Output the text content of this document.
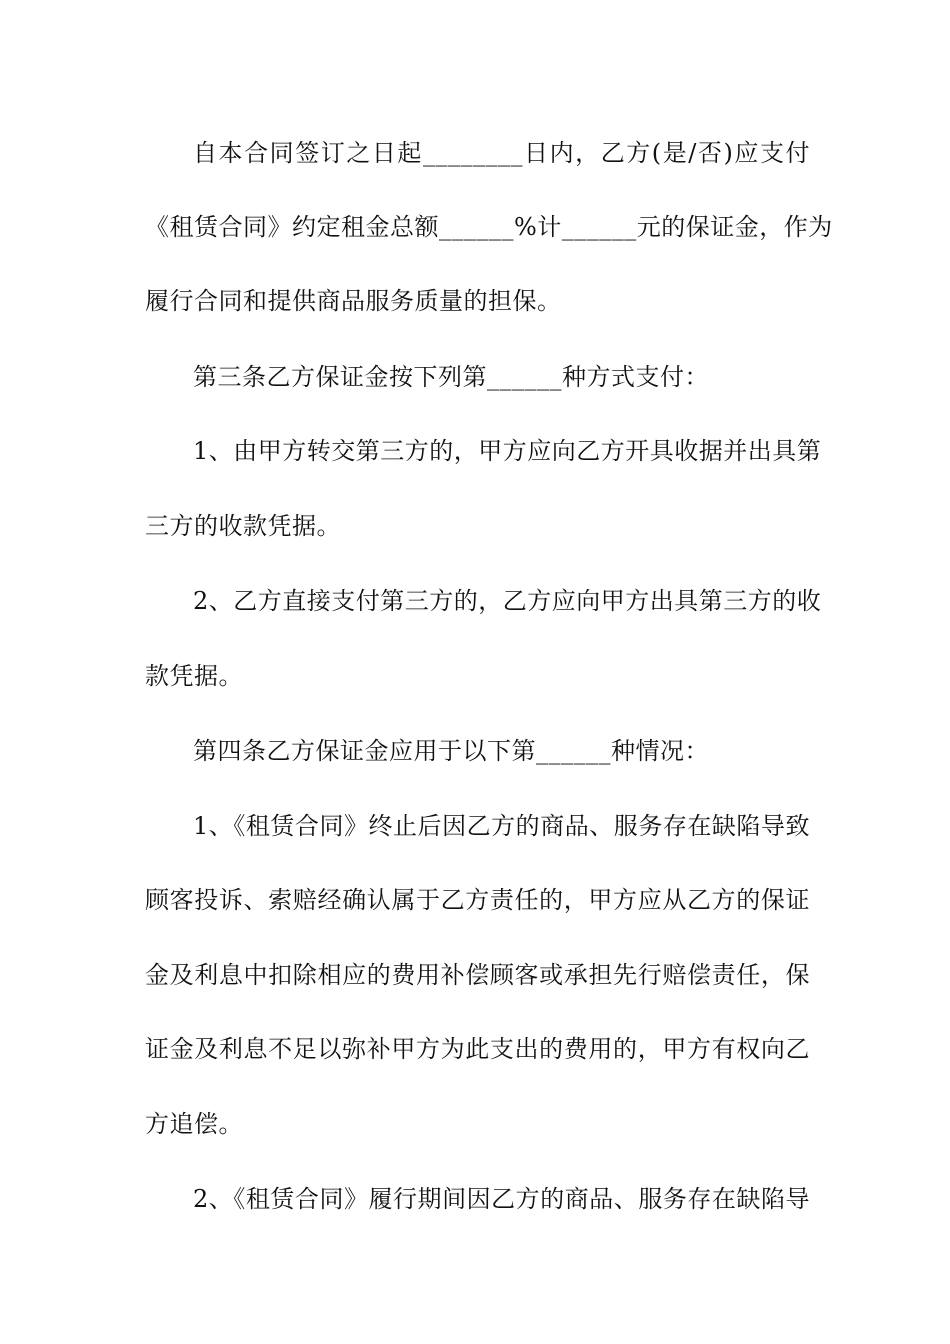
自本合同签订之日起________日内，乙方(是/否)应支付
《租赁合同》约定租金总额______%计______元的保证金，作为
履行合同和提供商品服务质量的担保。
第三条乙方保证金按下列第______种方式支付：
1、由甲方转交第三方的，甲方应向乙方开具收据并出具第
三方的收款凭据。
2、乙方直接支付第三方的，乙方应向甲方出具第三方的收
款凭据。
第四条乙方保证金应用于以下第______种情况：
1、《租赁合同》终止后因乙方的商品、服务存在缺陷导致
顾客投诉、索赔经确认属于乙方责任的，甲方应从乙方的保证
金及利息中扣除相应的费用补偿顾客或承担先行赔偿责任，保
证金及利息不足以弥补甲方为此支出的费用的，甲方有权向乙
方追偿。
2、《租赁合同》履行期间因乙方的商品、服务存在缺陷导
